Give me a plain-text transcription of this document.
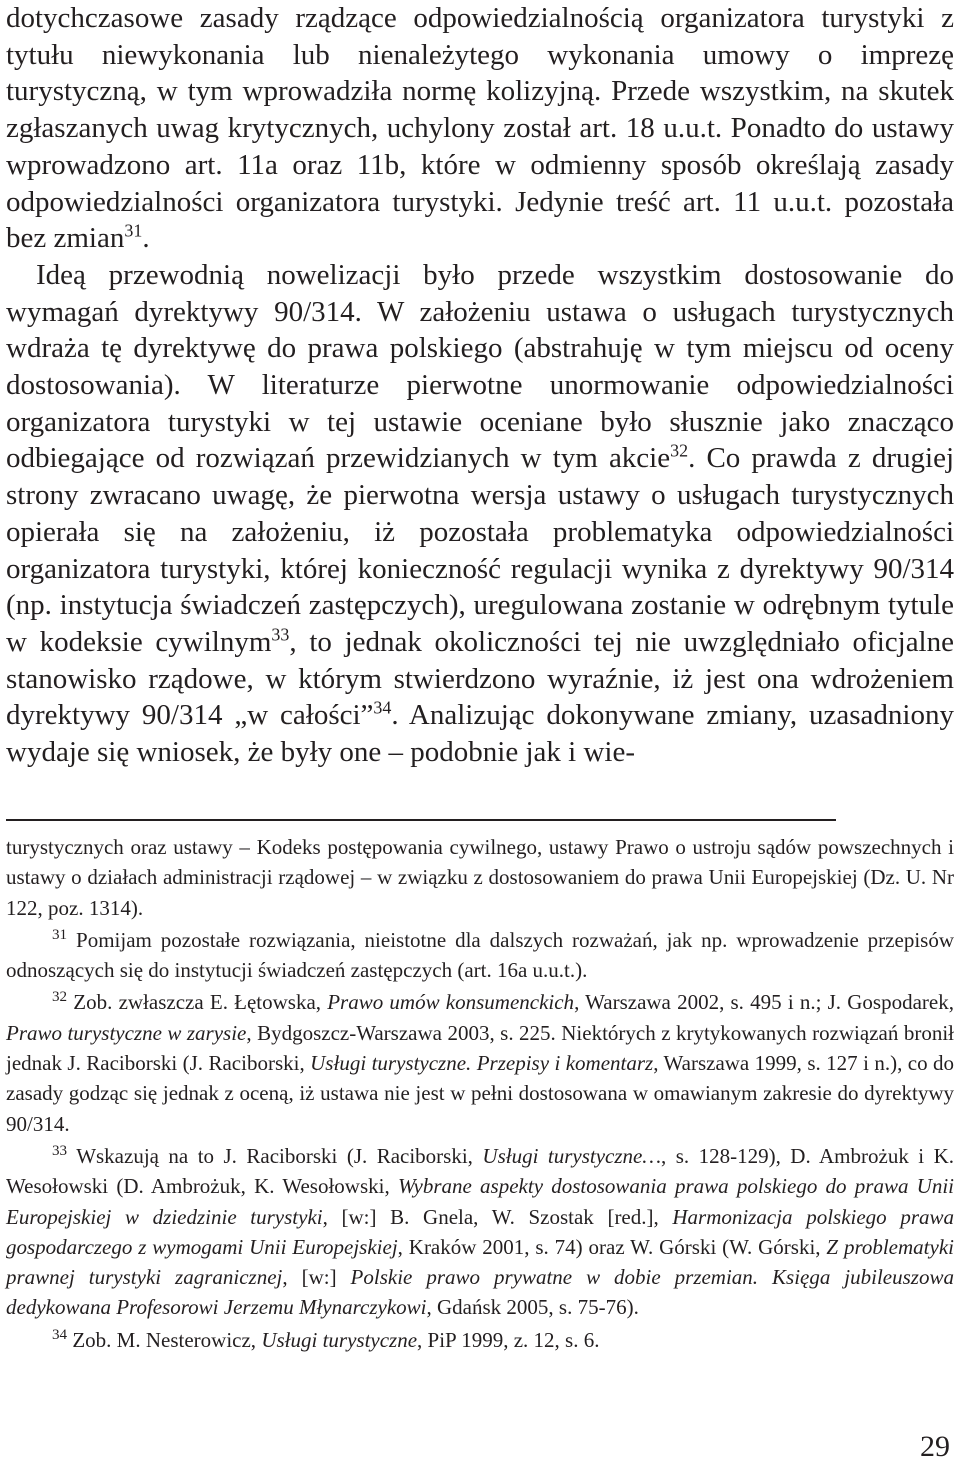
dotychczasowe zasady rządzące odpowiedzialnością organizatora turystyki z tytułu niewykonania lub nienależytego wykonania umowy o imprezę turystyczną, w tym wprowadziła normę kolizyjną. Przede wszystkim, na skutek zgłaszanych uwag krytycznych, uchylony został art. 18 u.u.t. Ponadto do ustawy wprowadzono art. 11a oraz 11b, które w odmienny sposób określają zasady odpowiedzialności organizatora turystyki. Jedynie treść art. 11 u.u.t. pozostała bez zmian$^{31}$.

Ideą przewodnią nowelizacji było przede wszystkim dostosowanie do wymagań dyrektywy 90/314. W założeniu ustawa o usługach turystycznych wdraża tę dyrektywę do prawa polskiego (abstrahuję w tym miejscu od oceny dostosowania). W literaturze pierwotne unormowanie odpowiedzialności organizatora turystyki w tej ustawie oceniane było słusznie jako znacząco odbiegające od rozwiązań przewidzianych w tym akcie$^{32}$. Co prawda z drugiej strony zwracano uwagę, że pierwotna wersja ustawy o usługach turystycznych opierała się na założeniu, iż pozostała problematyka odpowiedzialności organizatora turystyki, której konieczność regulacji wynika z dyrektywy 90/314 (np. instytucja świadczeń zastępczych), uregulowana zostanie w odrębnym tytule w kodeksie cywilnym$^{33}$, to jednak okoliczności tej nie uwzględniało oficjalne stanowisko rządowe, w którym stwierdzono wyraźnie, iż jest ona wdrożeniem dyrektywy 90/314 „w całości”$^{34}$. Analizując dokonywane zmiany, uzasadniony wydaje się wniosek, że były one – podobnie jak i wie-

turystycznych oraz ustawy – Kodeks postępowania cywilnego, ustawy Prawo o ustroju sądów powszechnych i ustawy o działach administracji rządowej – w związku z dostosowaniem do prawa Unii Europejskiej (Dz. U. Nr 122, poz. 1314).

$^{31}$ Pomijam pozostałe rozwiązania, nieistotne dla dalszych rozważań, jak np. wprowadzenie przepisów odnoszących się do instytucji świadczeń zastępczych (art. 16a u.u.t.).

$^{32}$ Zob. zwłaszcza E. Łętowska, Prawo umów konsumenckich, Warszawa 2002, s. 495 i n.; J. Gospodarek, Prawo turystyczne w zarysie, Bydgoszcz-Warszawa 2003, s. 225. Niektórych z krytykowanych rozwiązań bronił jednak J. Raciborski (J. Raciborski, Usługi turystyczne. Przepisy i komentarz, Warszawa 1999, s. 127 i n.), co do zasady godząc się jednak z oceną, iż ustawa nie jest w pełni dostosowana w omawianym zakresie do dyrektywy 90/314.

$^{33}$ Wskazują na to J. Raciborski (J. Raciborski, Usługi turystyczne…, s. 128-129), D. Ambrożuk i K. Wesołowski (D. Ambrożuk, K. Wesołowski, Wybrane aspekty dostosowania prawa polskiego do prawa Unii Europejskiej w dziedzinie turystyki, [w:] B. Gnela, W. Szostak [red.], Harmonizacja polskiego prawa gospodarczego z wymogami Unii Europejskiej, Kraków 2001, s. 74) oraz W. Górski (W. Górski, Z problematyki prawnej turystyki zagranicznej, [w:] Polskie prawo prywatne w dobie przemian. Księga jubileuszowa dedykowana Profesorowi Jerzemu Młynarczykowi, Gdańsk 2005, s. 75-76).

$^{34}$ Zob. M. Nesterowicz, Usługi turystyczne, PiP 1999, z. 12, s. 6.

29
